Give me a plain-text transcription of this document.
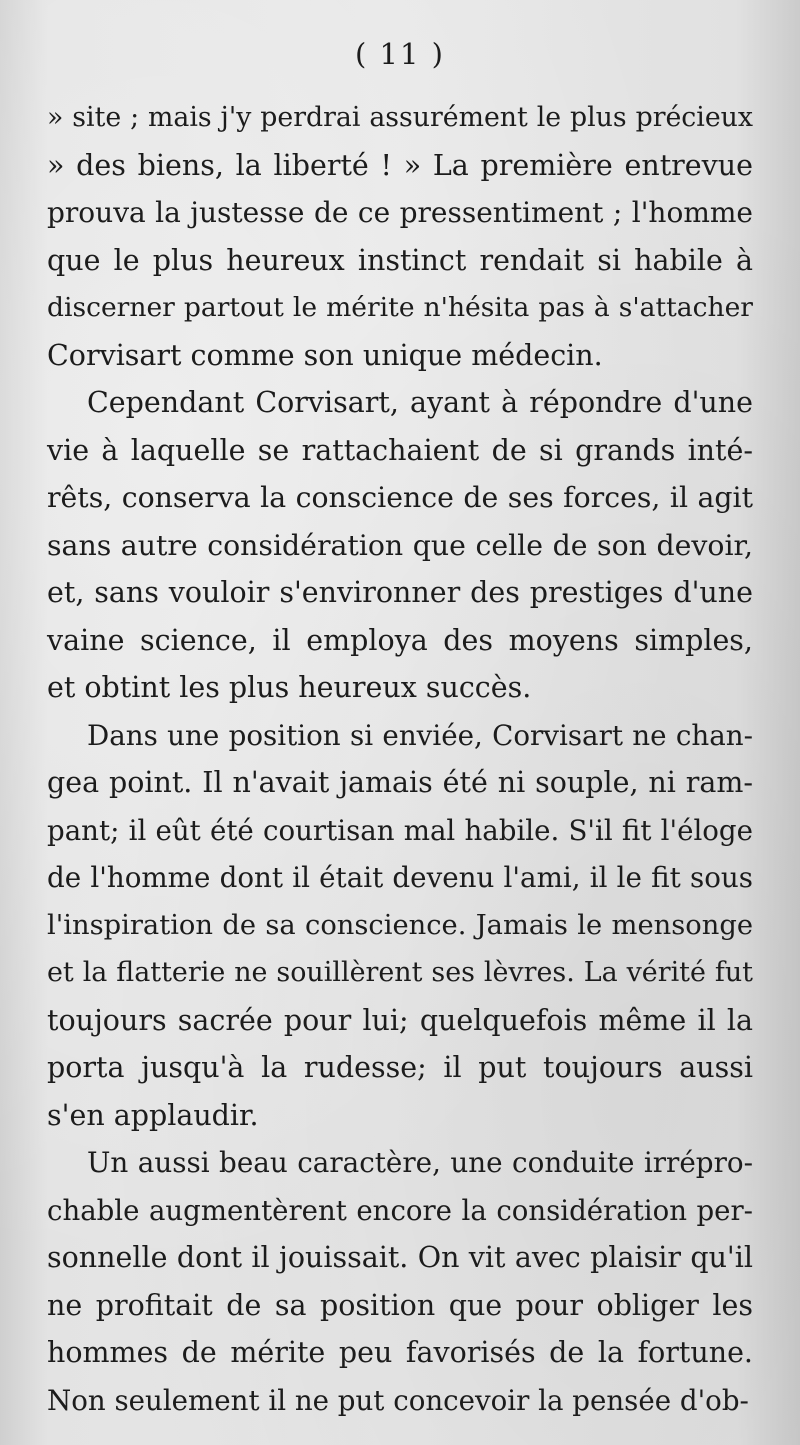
( 11 )
» site ; mais j'y perdrai assurément le plus précieux
» des biens, la liberté ! » La première entrevue
prouva la justesse de ce pressentiment ; l'homme
que le plus heureux instinct rendait si habile à
discerner partout le mérite n'hésita pas à s'attacher
Corvisart comme son unique médecin.
Cependant Corvisart, ayant à répondre d'une
vie à laquelle se rattachaient de si grands inté-
rêts, conserva la conscience de ses forces, il agit
sans autre considération que celle de son devoir,
et, sans vouloir s'environner des prestiges d'une
vaine science, il employa des moyens simples,
et obtint les plus heureux succès.
Dans une position si enviée, Corvisart ne chan-
gea point. Il n'avait jamais été ni souple, ni ram-
pant; il eût été courtisan mal habile. S'il fit l'éloge
de l'homme dont il était devenu l'ami, il le fit sous
l'inspiration de sa conscience. Jamais le mensonge
et la flatterie ne souillèrent ses lèvres. La vérité fut
toujours sacrée pour lui; quelquefois même il la
porta jusqu'à la rudesse; il put toujours aussi
s'en applaudir.
Un aussi beau caractère, une conduite irrépro-
chable augmentèrent encore la considération per-
sonnelle dont il jouissait. On vit avec plaisir qu'il
ne profitait de sa position que pour obliger les
hommes de mérite peu favorisés de la fortune.
Non seulement il ne put concevoir la pensée d'ob-
